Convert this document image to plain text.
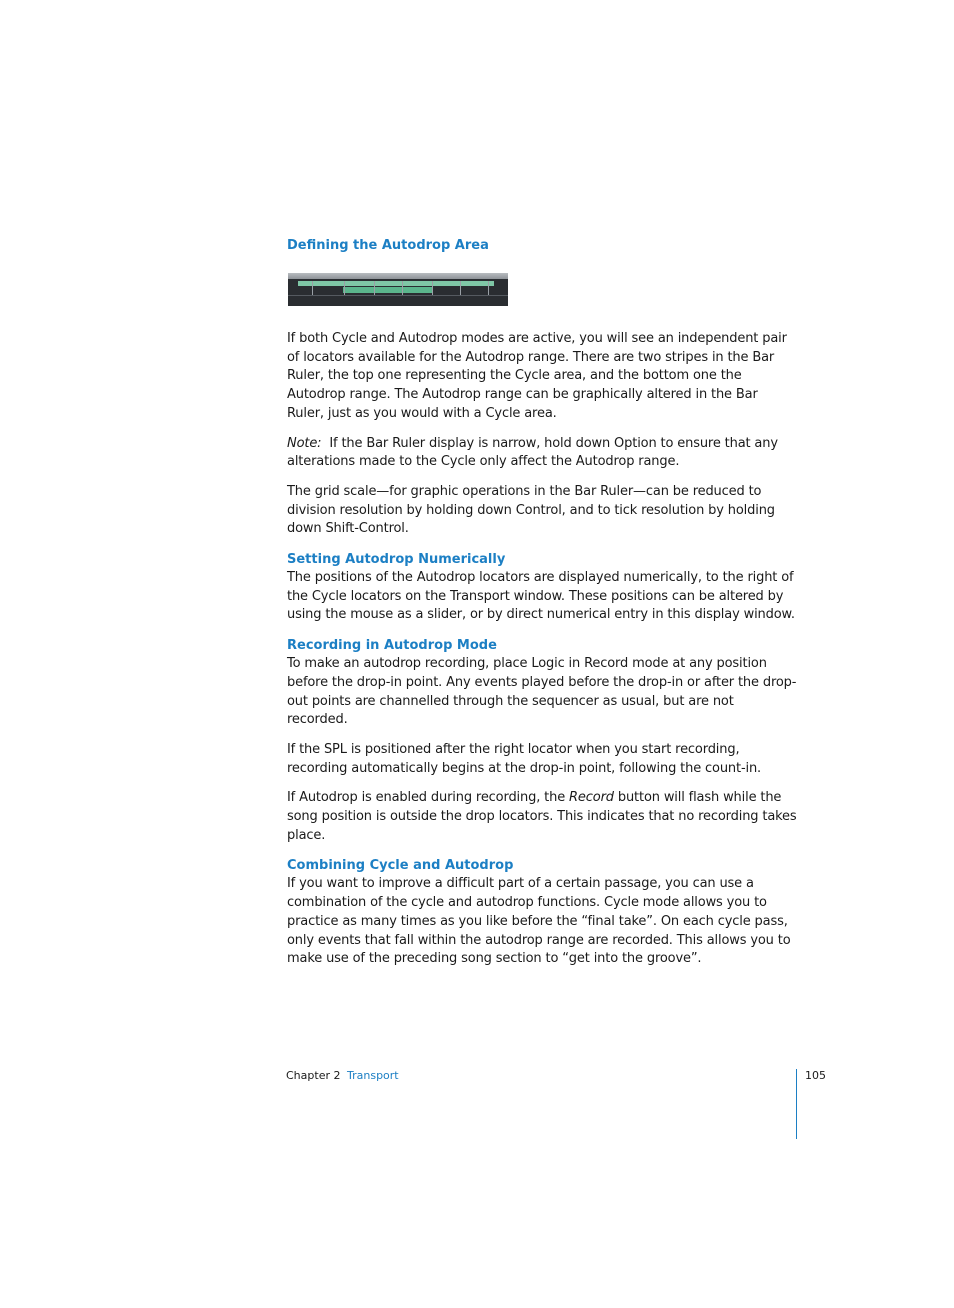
Defining the Autodrop Area

If both Cycle and Autodrop modes are active, you will see an independent pair of locators available for the Autodrop range. There are two stripes in the Bar Ruler, the top one representing the Cycle area, and the bottom one the Autodrop range. The Autodrop range can be graphically altered in the Bar Ruler, just as you would with a Cycle area.

Note: If the Bar Ruler display is narrow, hold down Option to ensure that any alterations made to the Cycle only affect the Autodrop range.

The grid scale—for graphic operations in the Bar Ruler—can be reduced to division resolution by holding down Control, and to tick resolution by holding down Shift-Control.

Setting Autodrop Numerically

The positions of the Autodrop locators are displayed numerically, to the right of the Cycle locators on the Transport window. These positions can be altered by using the mouse as a slider, or by direct numerical entry in this display window.

Recording in Autodrop Mode

To make an autodrop recording, place Logic in Record mode at any position before the drop-in point. Any events played before the drop-in or after the drop-out points are channelled through the sequencer as usual, but are not recorded.

If the SPL is positioned after the right locator when you start recording, recording automatically begins at the drop-in point, following the count-in.

If Autodrop is enabled during recording, the Record button will flash while the song position is outside the drop locators. This indicates that no recording takes place.

Combining Cycle and Autodrop

If you want to improve a difficult part of a certain passage, you can use a combination of the cycle and autodrop functions. Cycle mode allows you to practice as many times as you like before the “final take”. On each cycle pass, only events that fall within the autodrop range are recorded. This allows you to make use of the preceding song section to “get into the groove”.

Chapter 2 Transport	105
